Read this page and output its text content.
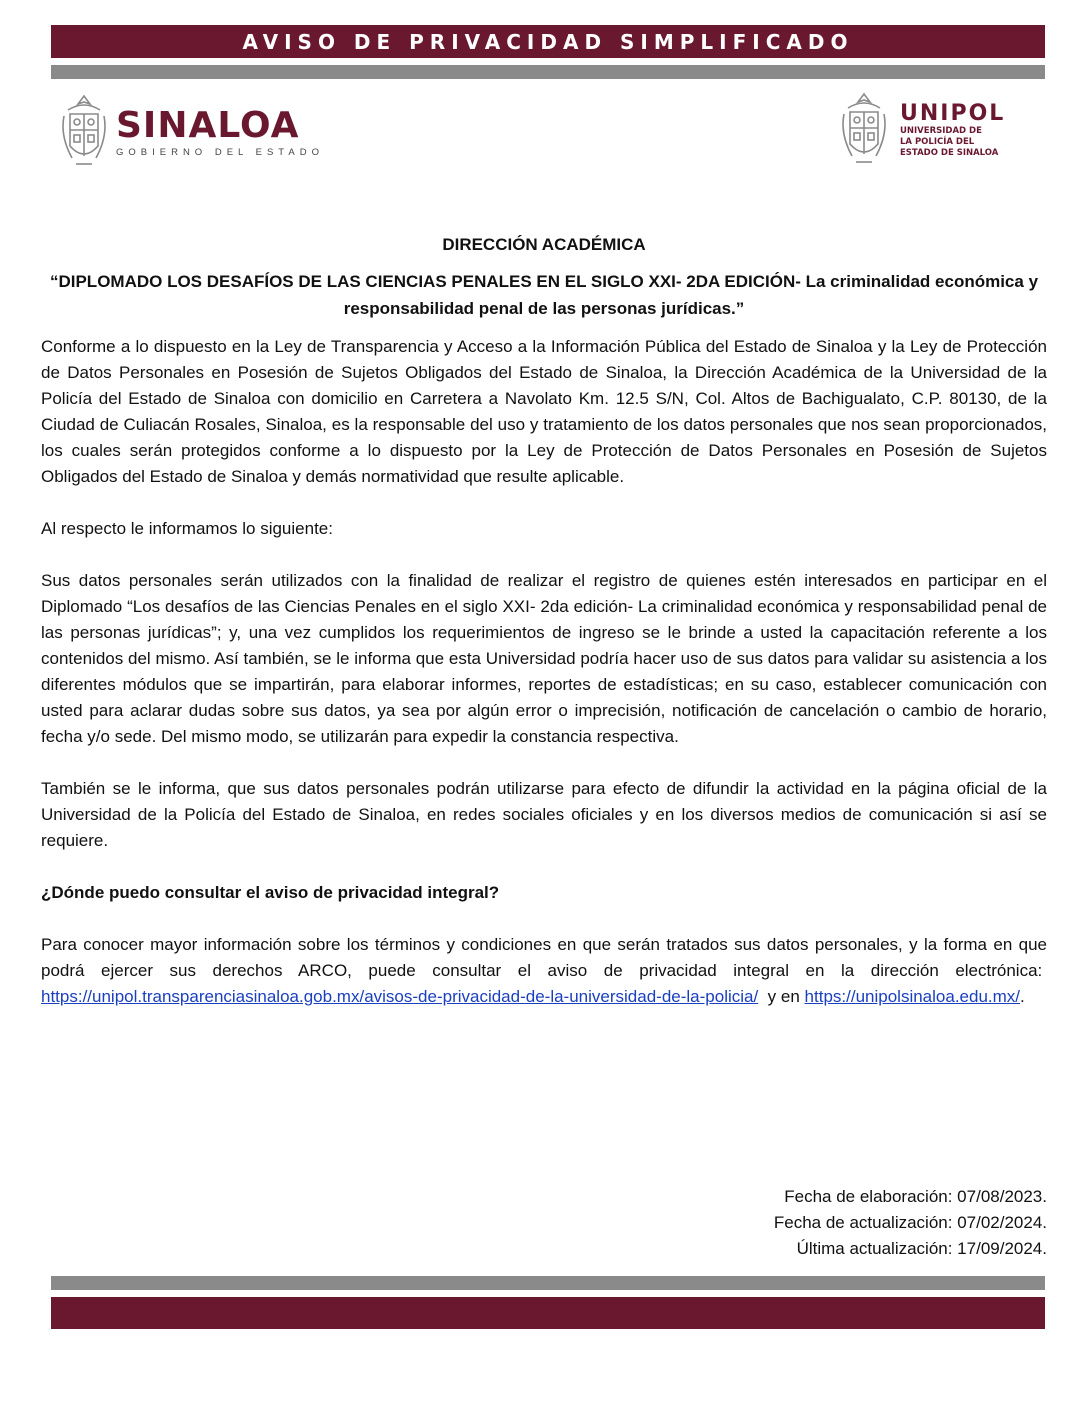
AVISO DE PRIVACIDAD SIMPLIFICADO
SINALOA
GOBIERNO DEL ESTADO
UNIPOL
UNIVERSIDAD DE
LA POLICÍA DEL
ESTADO DE SINALOA

DIRECCIÓN ACADÉMICA

“DIPLOMADO LOS DESAFÍOS DE LAS CIENCIAS PENALES EN EL SIGLO XXI- 2DA EDICIÓN- La criminalidad económica y responsabilidad penal de las personas jurídicas.”

Conforme a lo dispuesto en la Ley de Transparencia y Acceso a la Información Pública del Estado de Sinaloa y la Ley de Protección de Datos Personales en Posesión de Sujetos Obligados del Estado de Sinaloa, la Dirección Académica de la Universidad de la Policía del Estado de Sinaloa con domicilio en Carretera a Navolato Km. 12.5 S/N, Col. Altos de Bachigualato, C.P. 80130, de la Ciudad de Culiacán Rosales, Sinaloa, es la responsable del uso y tratamiento de los datos personales que nos sean proporcionados, los cuales serán protegidos conforme a lo dispuesto por la Ley de Protección de Datos Personales en Posesión de Sujetos Obligados del Estado de Sinaloa y demás normatividad que resulte aplicable.

Al respecto le informamos lo siguiente:

Sus datos personales serán utilizados con la finalidad de realizar el registro de quienes estén interesados en participar en el Diplomado “Los desafíos de las Ciencias Penales en el siglo XXI- 2da edición- La criminalidad económica y responsabilidad penal de las personas jurídicas”; y, una vez cumplidos los requerimientos de ingreso se le brinde a usted la capacitación referente a los contenidos del mismo. Así también, se le informa que esta Universidad podría hacer uso de sus datos para validar su asistencia a los diferentes módulos que se impartirán, para elaborar informes, reportes de estadísticas; en su caso, establecer comunicación con usted para aclarar dudas sobre sus datos, ya sea por algún error o imprecisión, notificación de cancelación o cambio de horario, fecha y/o sede. Del mismo modo, se utilizarán para expedir la constancia respectiva.

También se le informa, que sus datos personales podrán utilizarse para efecto de difundir la actividad en la página oficial de la Universidad de la Policía del Estado de Sinaloa, en redes sociales oficiales y en los diversos medios de comunicación si así se requiere.

¿Dónde puedo consultar el aviso de privacidad integral?

Para conocer mayor información sobre los términos y condiciones en que serán tratados sus datos personales, y la forma en que podrá ejercer sus derechos ARCO, puede consultar el aviso de privacidad integral en la dirección electrónica:  https://unipol.transparenciasinaloa.gob.mx/avisos-de-privacidad-de-la-universidad-de-la-policia/ y en https://unipolsinaloa.edu.mx/.

Fecha de elaboración: 07/08/2023.
Fecha de actualización: 07/02/2024.
Última actualización: 17/09/2024.
